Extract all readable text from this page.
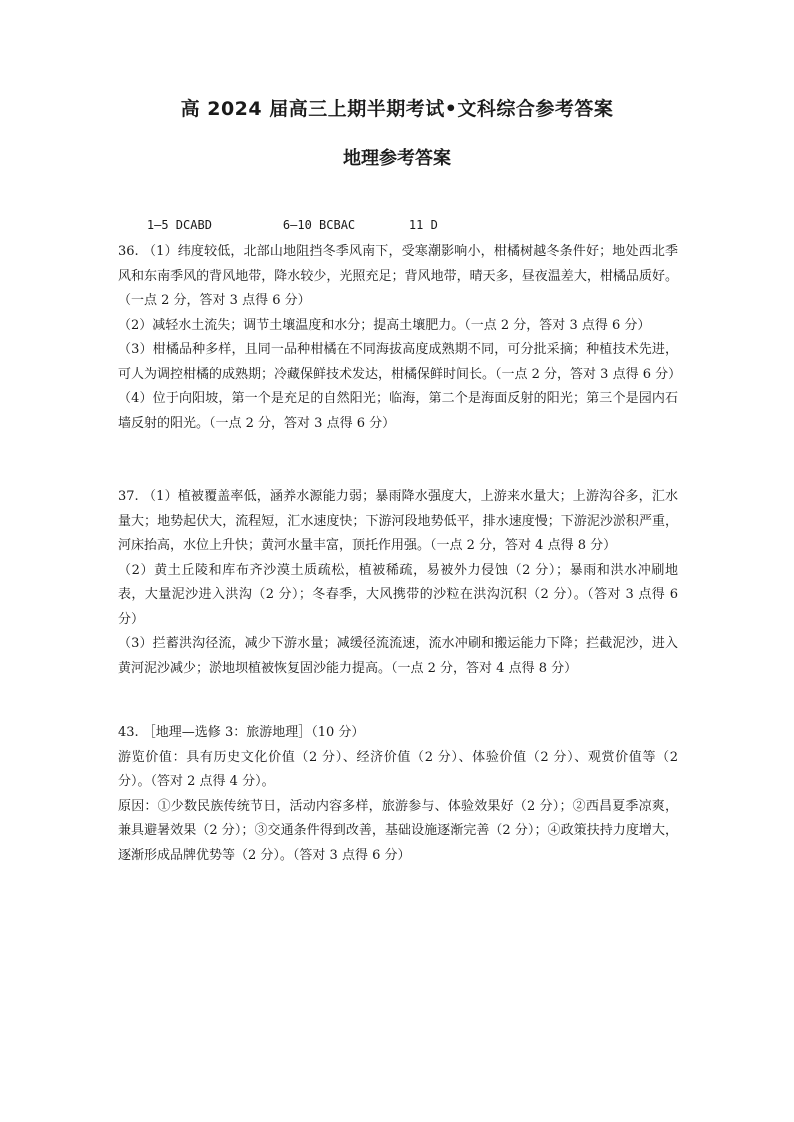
高 2024 届高三上期半期考试•文科综合参考答案
地理参考答案

1—5 DCABD	6—10 BCBAC	11 D

36. （1）纬度较低，北部山地阻挡冬季风南下，受寒潮影响小，柑橘树越冬条件好；地处西北季风和东南季风的背风地带，降水较少，光照充足；背风地带，晴天多，昼夜温差大，柑橘品质好。（一点 2 分，答对 3 点得 6 分）

（2）减轻水土流失；调节土壤温度和水分；提高土壤肥力。（一点 2 分，答对 3 点得 6 分）

（3）柑橘品种多样，且同一品种柑橘在不同海拔高度成熟期不同，可分批采摘；种植技术先进，可人为调控柑橘的成熟期；冷藏保鲜技术发达，柑橘保鲜时间长。（一点 2 分，答对 3 点得 6 分）

（4）位于向阳坡，第一个是充足的自然阳光；临海，第二个是海面反射的阳光；第三个是园内石墙反射的阳光。（一点 2 分，答对 3 点得 6 分）

37. （1）植被覆盖率低，涵养水源能力弱；暴雨降水强度大，上游来水量大；上游沟谷多，汇水量大；地势起伏大，流程短，汇水速度快；下游河段地势低平，排水速度慢；下游泥沙淤积严重，河床抬高，水位上升快；黄河水量丰富，顶托作用强。（一点 2 分，答对 4 点得 8 分）

（2）黄土丘陵和库布齐沙漠土质疏松，植被稀疏，易被外力侵蚀（2 分）；暴雨和洪水冲刷地表，大量泥沙进入洪沟（2 分）；冬春季，大风携带的沙粒在洪沟沉积（2 分）。（答对 3 点得 6 分）

（3）拦蓄洪沟径流，减少下游水量；减缓径流流速，流水冲刷和搬运能力下降；拦截泥沙，进入黄河泥沙减少；淤地坝植被恢复固沙能力提高。（一点 2 分，答对 4 点得 8 分）

43. ［地理—选修 3：旅游地理］（10 分）

游览价值：具有历史文化价值（2 分）、经济价值（2 分）、体验价值（2 分）、观赏价值等（2 分）。（答对 2 点得 4 分）。

原因：①少数民族传统节日，活动内容多样，旅游参与、体验效果好（2 分）；②西昌夏季凉爽，兼具避暑效果（2 分）；③交通条件得到改善，基础设施逐渐完善（2 分）；④政策扶持力度增大，逐渐形成品牌优势等（2 分）。（答对 3 点得 6 分）
